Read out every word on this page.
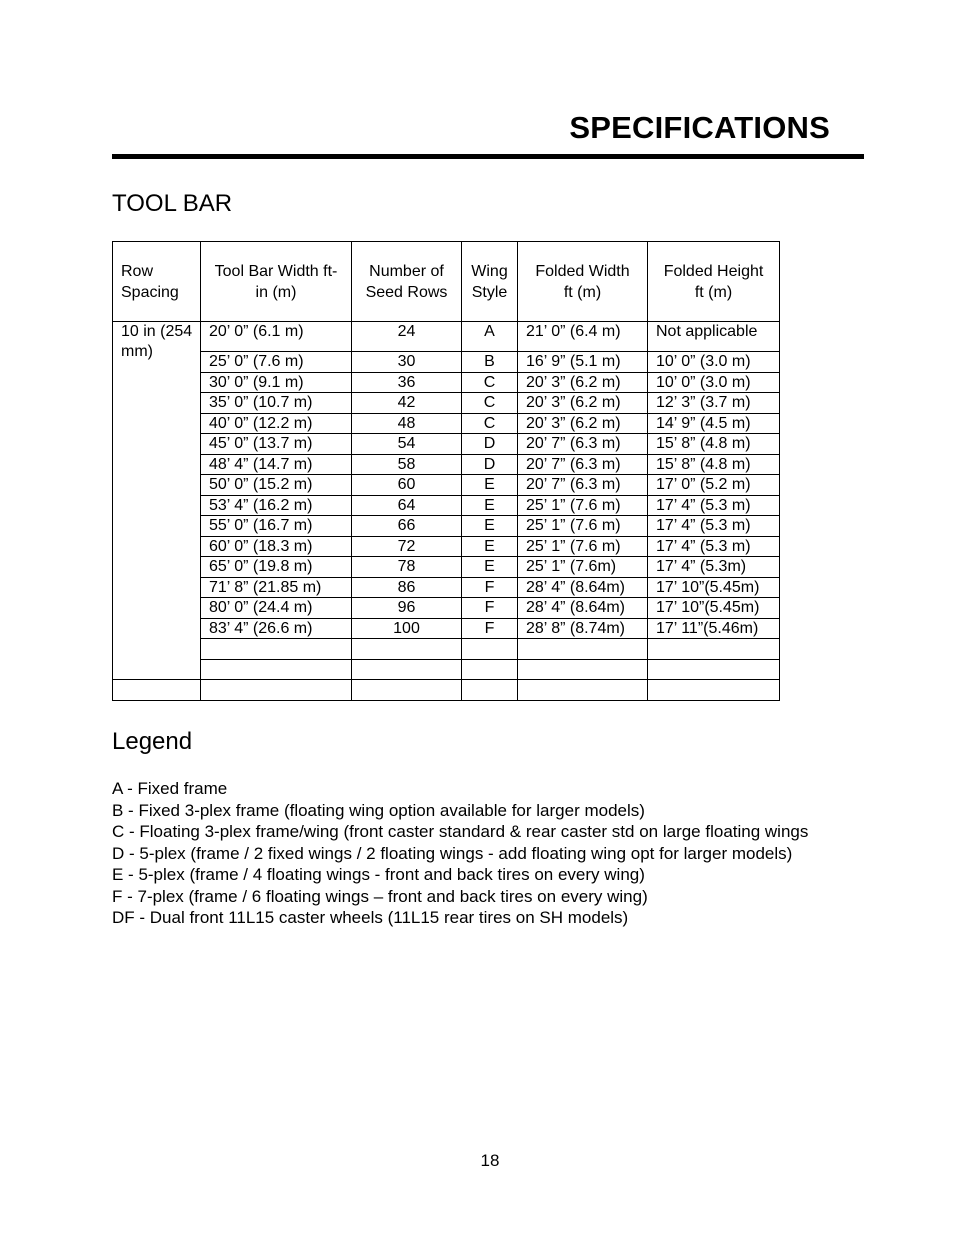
SPECIFICATIONS
TOOL BAR
Row Spacing	Tool Bar Width ft-in (m)	Number of Seed Rows	Wing Style	Folded Width ft (m)	Folded Height ft (m)
10 in (254 mm)	20’ 0” (6.1 m)	24	A	21’ 0” (6.4 m)	Not applicable
	25’ 0” (7.6 m)	30	B	16’ 9” (5.1 m)	10’ 0” (3.0 m)
	30’ 0” (9.1 m)	36	C	20’ 3” (6.2 m)	10’ 0” (3.0 m)
	35’ 0” (10.7 m)	42	C	20’ 3” (6.2 m)	12’ 3” (3.7 m)
	40’ 0” (12.2 m)	48	C	20’ 3” (6.2 m)	14’ 9” (4.5 m)
	45’ 0” (13.7 m)	54	D	20’ 7” (6.3 m)	15’ 8” (4.8 m)
	48’ 4” (14.7 m)	58	D	20’ 7” (6.3 m)	15’ 8” (4.8 m)
	50’ 0” (15.2 m)	60	E	20’ 7” (6.3 m)	17’ 0” (5.2 m)
	53’ 4” (16.2 m)	64	E	25’ 1” (7.6 m)	17’ 4” (5.3 m)
	55’ 0” (16.7 m)	66	E	25’ 1” (7.6 m)	17’ 4” (5.3 m)
	60’ 0” (18.3 m)	72	E	25’ 1” (7.6 m)	17’ 4” (5.3 m)
	65’ 0” (19.8 m)	78	E	25’ 1” (7.6m)	17’ 4” (5.3m)
	71’ 8” (21.85 m)	86	F	28’ 4” (8.64m)	17’ 10”(5.45m)
	80’ 0” (24.4 m)	96	F	28’ 4” (8.64m)	17’ 10”(5.45m)
	83’ 4” (26.6 m)	100	F	28’ 8” (8.74m)	17’ 11”(5.46m)

Legend
A - Fixed frame
B - Fixed 3-plex frame (floating wing option available for larger models)
C - Floating 3-plex frame/wing (front caster standard & rear caster std on large floating wings
D - 5-plex (frame / 2 fixed wings / 2 floating wings - add floating wing opt for larger models)
E - 5-plex (frame / 4 floating wings - front and back tires on every wing)
F - 7-plex (frame / 6 floating wings – front and back tires on every wing)
DF - Dual front 11L15 caster wheels (11L15 rear tires on SH models)
18
